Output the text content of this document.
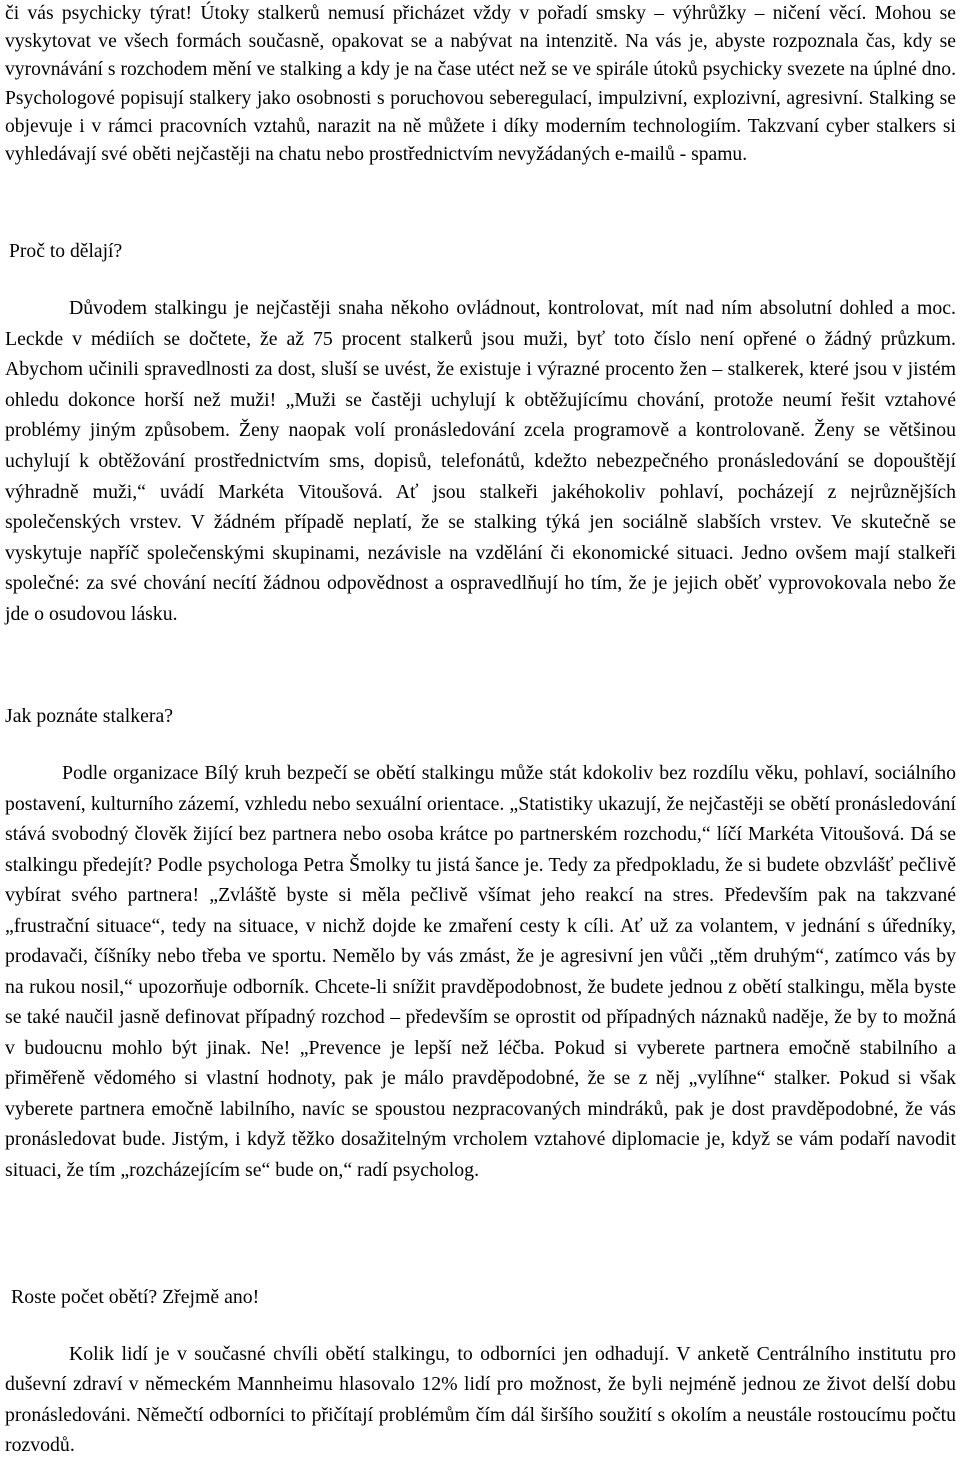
či vás psychicky týrat! Útoky stalkerů nemusí přicházet vždy v pořadí smsky – výhrůžky – ničení věcí. Mohou se vyskytovat ve všech formách současně, opakovat se a nabývat na intenzitě. Na vás je, abyste rozpoznala čas, kdy se vyrovnávání s rozchodem mění ve stalking a kdy je na čase utéct než se ve spirále útoků psychicky svezete na úplné dno. Psychologové popisují stalkery jako osobnosti s poruchovou seberegulací, impulzivní, explozivní, agresivní. Stalking se objevuje i v rámci pracovních vztahů, narazit na ně můžete i díky moderním technologiím. Takzvaní cyber stalkers si vyhledávají své oběti nejčastěji na chatu nebo prostřednictvím nevyžádaných e-mailů - spamu.

Proč to dělají?

Důvodem stalkingu je nejčastěji snaha někoho ovládnout, kontrolovat, mít nad ním absolutní dohled a moc. Leckde v médiích se dočtete, že až 75 procent stalkerů jsou muži, byť toto číslo není opřené o žádný průzkum. Abychom učinili spravedlnosti za dost, sluší se uvést, že existuje i výrazné procento žen – stalkerek, které jsou v jistém ohledu dokonce horší než muži! „Muži se častěji uchylují k obtěžujícímu chování, protože neumí řešit vztahové problémy jiným způsobem. Ženy naopak volí pronásledování zcela programově a kontrolovaně. Ženy se většinou uchylují k obtěžování prostřednictvím sms, dopisů, telefonátů, kdežto nebezpečného pronásledování se dopouštějí výhradně muži,“ uvádí Markéta Vitoušová. Ať jsou stalkeři jakéhokoliv pohlaví, pocházejí z nejrůznějších společenských vrstev. V žádném případě neplatí, že se stalking týká jen sociálně slabších vrstev. Ve skutečně se vyskytuje napříč společenskými skupinami, nezávisle na vzdělání či ekonomické situaci. Jedno ovšem mají stalkeři společné: za své chování necítí žádnou odpovědnost a ospravedlňují ho tím, že je jejich oběť vyprovokovala nebo že jde o osudovou lásku.

Jak poznáte stalkera?

Podle organizace Bílý kruh bezpečí se obětí stalkingu může stát kdokoliv bez rozdílu věku, pohlaví, sociálního postavení, kulturního zázemí, vzhledu nebo sexuální orientace. „Statistiky ukazují, že nejčastěji se obětí pronásledování stává svobodný člověk žijící bez partnera nebo osoba krátce po partnerském rozchodu,“ líčí Markéta Vitoušová. Dá se stalkingu předejít? Podle psychologa Petra Šmolky tu jistá šance je. Tedy za předpokladu, že si budete obzvlášť pečlivě vybírat svého partnera! „Zvláště byste si měla pečlivě všímat jeho reakcí na stres. Především pak na takzvané „frustrační situace“, tedy na situace, v nichž dojde ke zmaření cesty k cíli. Ať už za volantem, v jednání s úředníky, prodavači, číšníky nebo třeba ve sportu. Nemělo by vás zmást, že je agresivní jen vůči „těm druhým“, zatímco vás by na rukou nosil,“ upozorňuje odborník. Chcete-li snížit pravděpodobnost, že budete jednou z obětí stalkingu, měla byste se také naučil jasně definovat případný rozchod – především se oprostit od případných náznaků naděje, že by to možná v budoucnu mohlo být jinak. Ne! „Prevence je lepší než léčba. Pokud si vyberete partnera emočně stabilního a přiměřeně vědomého si vlastní hodnoty, pak je málo pravděpodobné, že se z něj „vylíhne“ stalker. Pokud si však vyberete partnera emočně labilního, navíc se spoustou nezpracovaných mindráků, pak je dost pravděpodobné, že vás pronásledovat bude. Jistým, i když těžko dosažitelným vrcholem vztahové diplomacie je, když se vám podaří navodit situaci, že tím „rozcházejícím se“ bude on,“ radí psycholog.

Roste počet obětí? Zřejmě ano!

Kolik lidí je v současné chvíli obětí stalkingu, to odborníci jen odhadují. V anketě Centrálního institutu pro duševní zdraví v německém Mannheimu hlasovalo 12% lidí pro možnost, že byli nejméně jednou ze život delší dobu pronásledováni. Němečtí odborníci to přičítají problémům čím dál širšího soužití s okolím a neustále rostoucímu počtu rozvodů.
